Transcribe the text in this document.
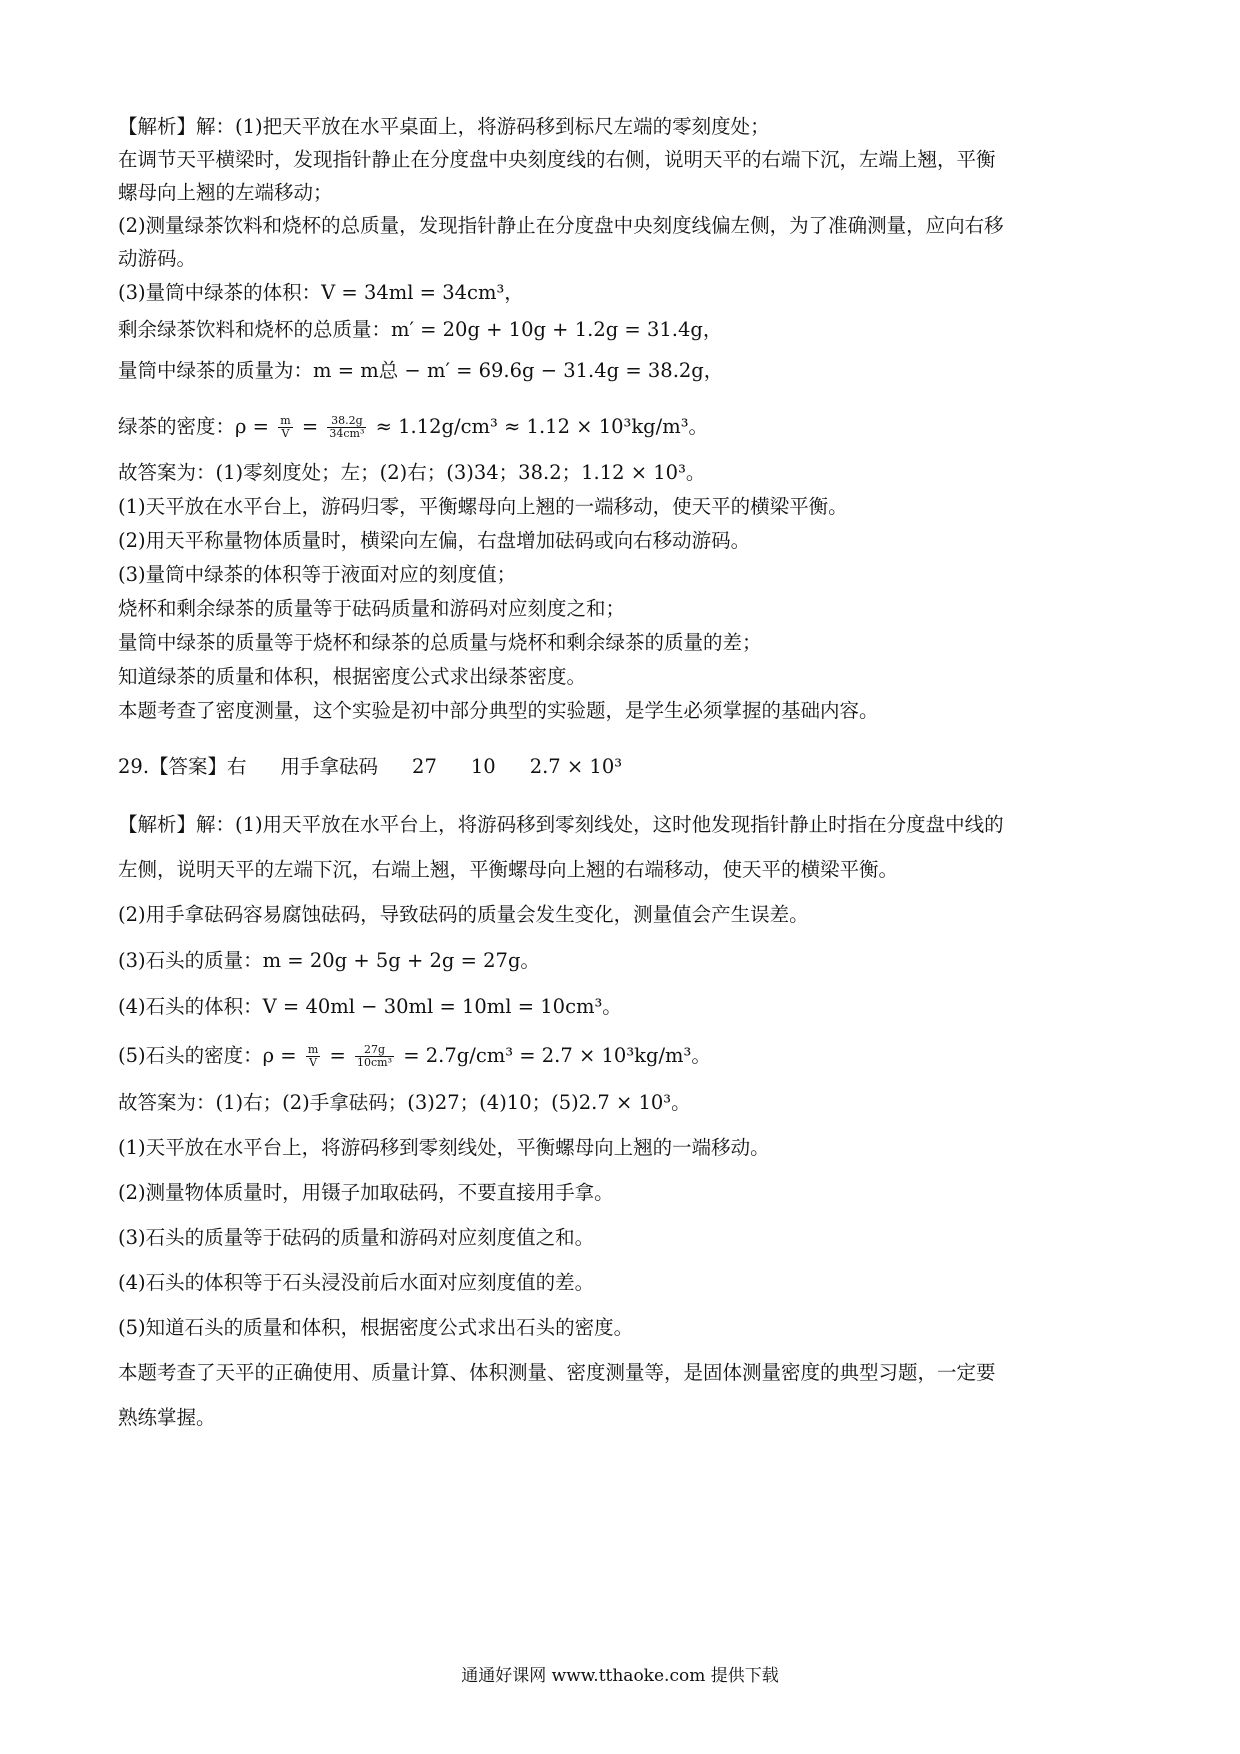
【解析】解：(1)把天平放在水平桌面上，将游码移到标尺左端的零刻度处；
在调节天平横梁时，发现指针静止在分度盘中央刻度线的右侧，说明天平的右端下沉，左端上翘，平衡
螺母向上翘的左端移动；
(2)测量绿茶饮料和烧杯的总质量，发现指针静止在分度盘中央刻度线偏左侧，为了准确测量，应向右移
动游码。
(3)量筒中绿茶的体积：V = 34ml = 34cm³，
剩余绿茶饮料和烧杯的总质量：m′ = 20g + 10g + 1.2g = 31.4g，
量筒中绿茶的质量为：m = m总 − m′ = 69.6g − 31.4g = 38.2g，
绿茶的密度：$\rho = \frac{m}{V} = \frac{38.2g}{\text{34cm³}} \approx 1.12g/cm^3 \approx 1.12 \times 10^3kg/m^3$。
故答案为：(1)零刻度处；左；(2)右；(3)34；38.2；1.12 × 10³。
(1)天平放在水平台上，游码归零，平衡螺母向上翘的一端移动，使天平的横梁平衡。
(2)用天平称量物体质量时，横梁向左偏，右盘增加砝码或向右移动游码。
(3)量筒中绿茶的体积等于液面对应的刻度值；
烧杯和剩余绿茶的质量等于砝码质量和游码对应刻度之和；
量筒中绿茶的质量等于烧杯和绿茶的总质量与烧杯和剩余绿茶的质量的差；
知道绿茶的质量和体积，根据密度公式求出绿茶密度。
本题考查了密度测量，这个实验是初中部分典型的实验题，是学生必须掌握的基础内容。
29.【答案】右 用手拿砝码 27 10 2.7 × 10³
【解析】解：(1)用天平放在水平台上，将游码移到零刻线处，这时他发现指针静止时指在分度盘中线的
左侧，说明天平的左端下沉，右端上翘，平衡螺母向上翘的右端移动，使天平的横梁平衡。
(2)用手拿砝码容易腐蚀砝码，导致砝码的质量会发生变化，测量值会产生误差。
(3)石头的质量：m = 20g + 5g + 2g = 27g。
(4)石头的体积：V = 40ml − 30ml = 10ml = 10cm³。
(5)石头的密度：$\rho = \frac{m}{V} = \frac{27g}{\text{10cm³}} = 2.7g/cm^3 = 2.7 \times 10^3kg/m^3$。
故答案为：(1)右；(2)手拿砝码；(3)27；(4)10；(5)2.7 × 10³。
(1)天平放在水平台上，将游码移到零刻线处，平衡螺母向上翘的一端移动。
(2)测量物体质量时，用镊子加取砝码，不要直接用手拿。
(3)石头的质量等于砝码的质量和游码对应刻度值之和。
(4)石头的体积等于石头浸没前后水面对应刻度值的差。
(5)知道石头的质量和体积，根据密度公式求出石头的密度。
本题考查了天平的正确使用、质量计算、体积测量、密度测量等，是固体测量密度的典型习题，一定要
熟练掌握。
通通好课网 www.tthaoke.com 提供下载
